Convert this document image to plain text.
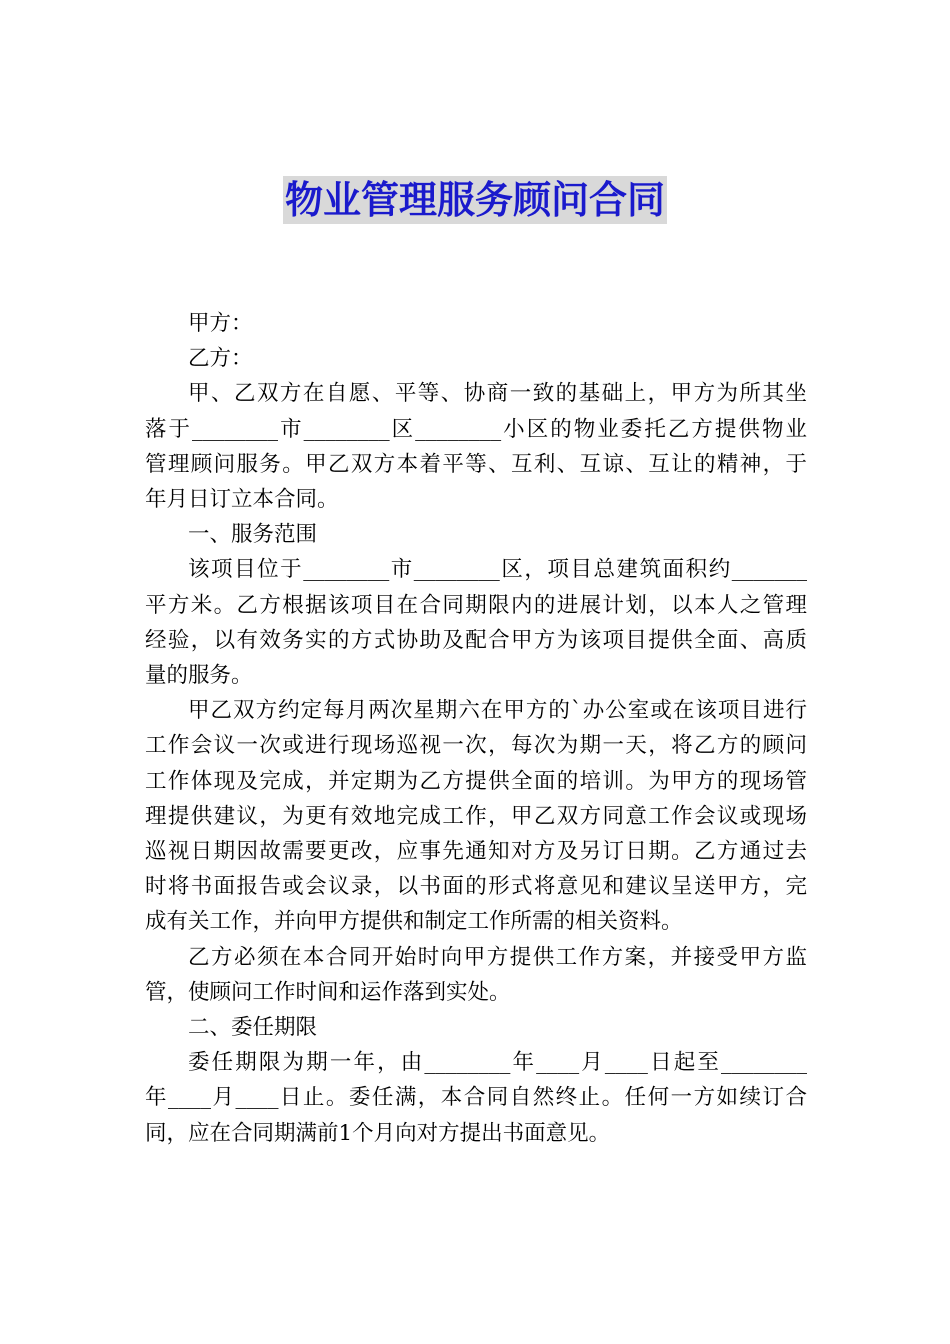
物业管理服务顾问合同
甲方：
乙方：
甲、乙双方在自愿、平等、协商一致的基础上，甲方为所其坐
落于________市________区________小区的物业委托乙方提供物业
管理顾问服务。甲乙双方本着平等、互利、互谅、互让的精神，于
年月日订立本合同。
一、服务范围
该项目位于________市________区，项目总建筑面积约_______
平方米。乙方根据该项目在合同期限内的进展计划，以本人之管理
经验，以有效务实的方式协助及配合甲方为该项目提供全面、高质
量的服务。
甲乙双方约定每月两次星期六在甲方的`办公室或在该项目进行
工作会议一次或进行现场巡视一次，每次为期一天，将乙方的顾问
工作体现及完成，并定期为乙方提供全面的培训。为甲方的现场管
理提供建议，为更有效地完成工作，甲乙双方同意工作会议或现场
巡视日期因故需要更改，应事先通知对方及另订日期。乙方通过去
时将书面报告或会议录，以书面的形式将意见和建议呈送甲方，完
成有关工作，并向甲方提供和制定工作所需的相关资料。
乙方必须在本合同开始时向甲方提供工作方案，并接受甲方监
管，使顾问工作时间和运作落到实处。
二、委任期限
委任期限为期一年，由________年____月____日起至________
年____月____日止。委任满，本合同自然终止。任何一方如续订合
同，应在合同期满前1个月向对方提出书面意见。
